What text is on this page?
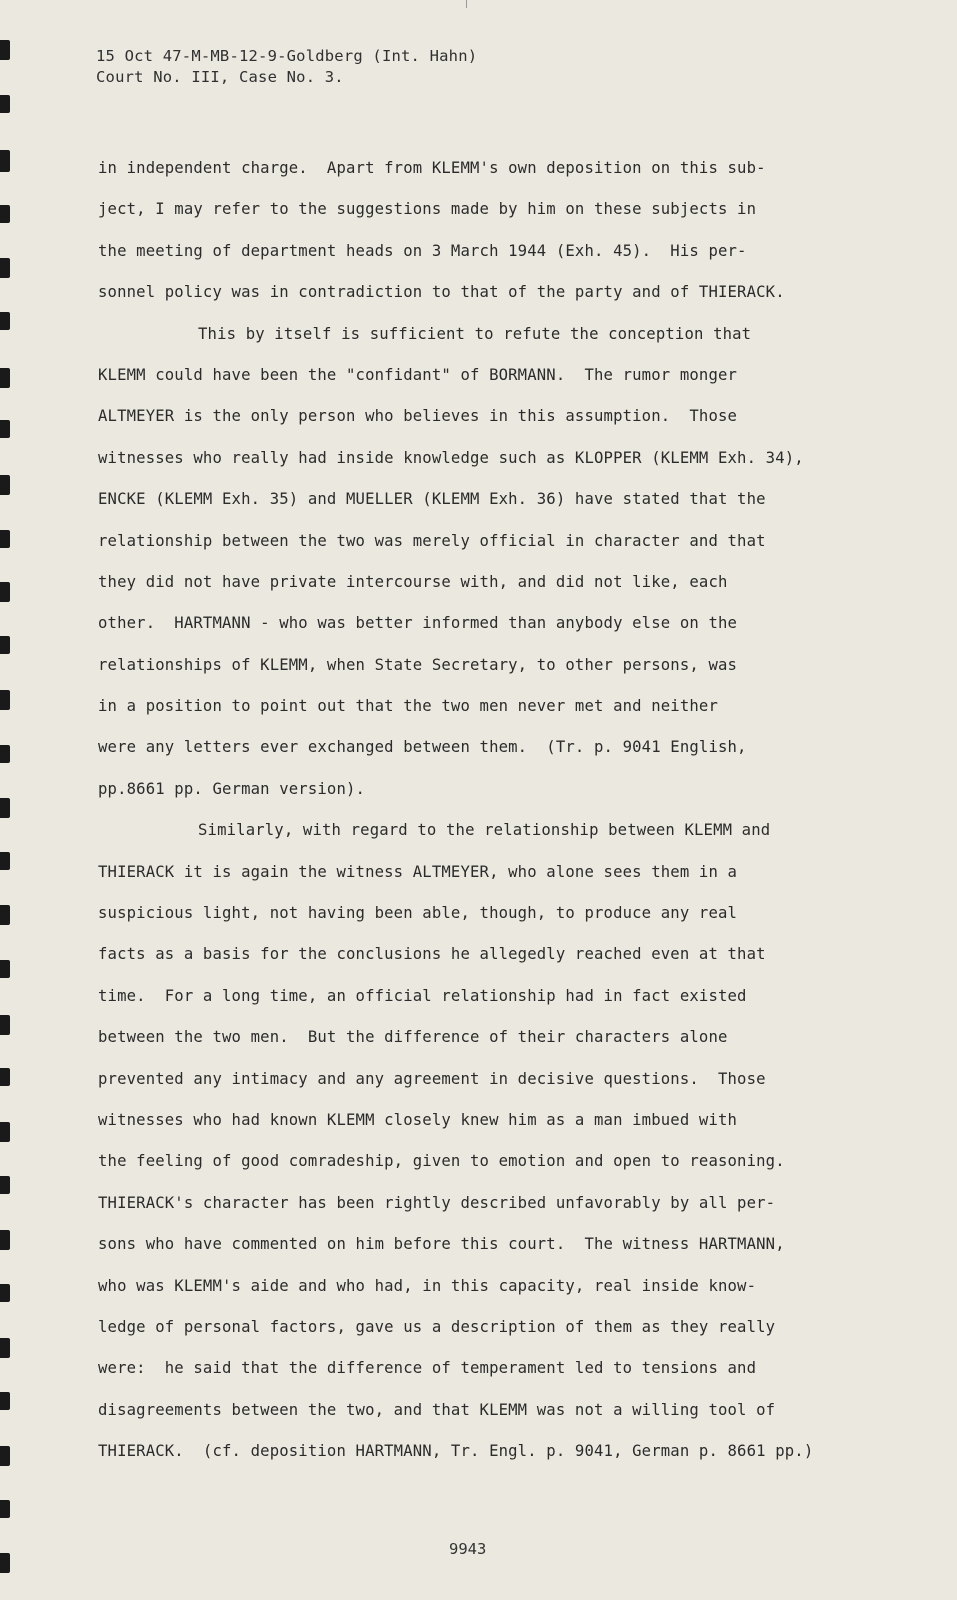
15 Oct 47-M-MB-12-9-Goldberg (Int. Hahn)
Court No. III, Case No. 3.
in independent charge.  Apart from KLEMM's own deposition on this sub-
ject, I may refer to the suggestions made by him on these subjects in
the meeting of department heads on 3 March 1944 (Exh. 45).  His per-
sonnel policy was in contradiction to that of the party and of THIERACK.
This by itself is sufficient to refute the conception that
KLEMM could have been the "confidant" of BORMANN.  The rumor monger
ALTMEYER is the only person who believes in this assumption.  Those
witnesses who really had inside knowledge such as KLOPPER (KLEMM Exh. 34),
ENCKE (KLEMM Exh. 35) and MUELLER (KLEMM Exh. 36) have stated that the
relationship between the two was merely official in character and that
they did not have private intercourse with, and did not like, each
other.  HARTMANN - who was better informed than anybody else on the
relationships of KLEMM, when State Secretary, to other persons, was
in a position to point out that the two men never met and neither
were any letters ever exchanged between them.  (Tr. p. 9041 English,
pp.8661 pp. German version).
Similarly, with regard to the relationship between KLEMM and
THIERACK it is again the witness ALTMEYER, who alone sees them in a
suspicious light, not having been able, though, to produce any real
facts as a basis for the conclusions he allegedly reached even at that
time.  For a long time, an official relationship had in fact existed
between the two men.  But the difference of their characters alone
prevented any intimacy and any agreement in decisive questions.  Those
witnesses who had known KLEMM closely knew him as a man imbued with
the feeling of good comradeship, given to emotion and open to reasoning.
THIERACK's character has been rightly described unfavorably by all per-
sons who have commented on him before this court.  The witness HARTMANN,
who was KLEMM's aide and who had, in this capacity, real inside know-
ledge of personal factors, gave us a description of them as they really
were:  he said that the difference of temperament led to tensions and
disagreements between the two, and that KLEMM was not a willing tool of
THIERACK.  (cf. deposition HARTMANN, Tr. Engl. p. 9041, German p. 8661 pp.)
9943
